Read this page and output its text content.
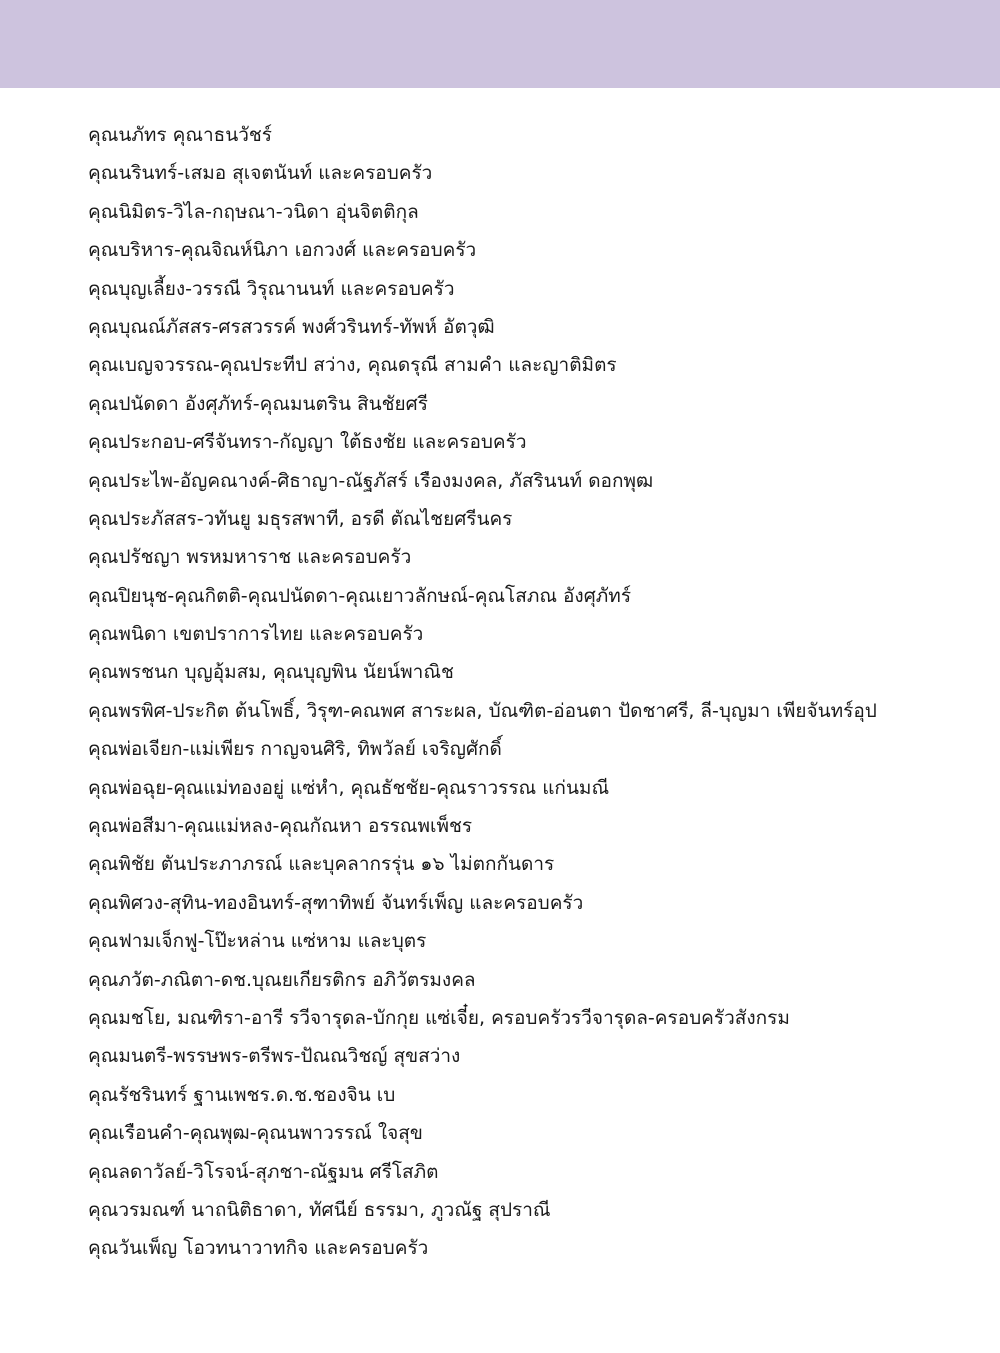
คุณนภัทร คุณาธนวัชร์
คุณนรินทร์-เสมอ สุเจตนันท์ และครอบครัว
คุณนิมิตร-วิไล-กฤษณา-วนิดา อุ่นจิตติกุล
คุณบริหาร-คุณจิณห์นิภา เอกวงศ์ และครอบครัว
คุณบุญเลี้ยง-วรรณี วิรุณานนท์ และครอบครัว
คุณบุณณ์ภัสสร-ศรสวรรค์ พงศ์วรินทร์-ทัพห์ อัตวุฒิ
คุณเบญจวรรณ-คุณประทีป สว่าง, คุณดรุณี สามคำ และญาติมิตร
คุณปนัดดา อังศุภัทร์-คุณมนตริน สินชัยศรี
คุณประกอบ-ศรีจันทรา-กัญญา ใต้ธงชัย และครอบครัว
คุณประไพ-อัญคณางค์-ศิธาญา-ณัฐภัสร์ เรืองมงคล, ภัสรินนท์ ดอกพุฒ
คุณประภัสสร-วทันยู มธุรสพาที, อรดี ตัณไชยศรีนคร
คุณปรัชญา พรหมหาราช และครอบครัว
คุณปิยนุช-คุณกิตติ-คุณปนัดดา-คุณเยาวลักษณ์-คุณโสภณ อังศุภัทร์
คุณพนิดา เขตปราการไทย และครอบครัว
คุณพรชนก บุญอุ้มสม, คุณบุญพิน นัยน์พาณิช
คุณพรพิศ-ประกิต ต้นโพธิ์, วิรุฑ-คณพศ สาระผล, บัณฑิต-อ่อนตา ปัดชาศรี, ลี-บุญมา เพียจันทร์อุป
คุณพ่อเจียก-แม่เพียร กาญจนศิริ, ทิพวัลย์ เจริญศักดิ์
คุณพ่อฉุย-คุณแม่ทองอยู่ แซ่หำ, คุณธัชชัย-คุณราวรรณ แก่นมณี
คุณพ่อสีมา-คุณแม่หลง-คุณกัณหา อรรณพเพ็ชร
คุณพิชัย ตันประภาภรณ์ และบุคลากรรุ่น ๑๖ ไม่ตกกันดาร
คุณพิศวง-สุทิน-ทองอินทร์-สุฑาทิพย์ จันทร์เพ็ญ และครอบครัว
คุณฟามเจ็กฟู-โป๊ะหล่าน แซ่หาม และบุตร
คุณภวัต-ภณิตา-ดช.บุณยเกียรติกร อภิวัตรมงคล
คุณมชโย, มณฑิรา-อารี รวีจารุดล-บักกุย แซ่เจี๋ย, ครอบครัวรวีจารุดล-ครอบครัวสังกรม
คุณมนตรี-พรรษพร-ตรีพร-ปัณณวิชญ์ สุขสว่าง
คุณรัชรินทร์ ฐานเพชร.ด.ช.ชองจิน เบ
คุณเรือนคำ-คุณพุฒ-คุณนพาวรรณ์ ใจสุข
คุณลดาวัลย์-วิโรจน์-สุภชา-ณัฐมน ศรีโสภิต
คุณวรมณฑ์ นาถนิติธาดา, ทัศนีย์ ธรรมา, ภูวณัฐ สุปราณี
คุณวันเพ็ญ โอวทนาวาทกิจ และครอบครัว
